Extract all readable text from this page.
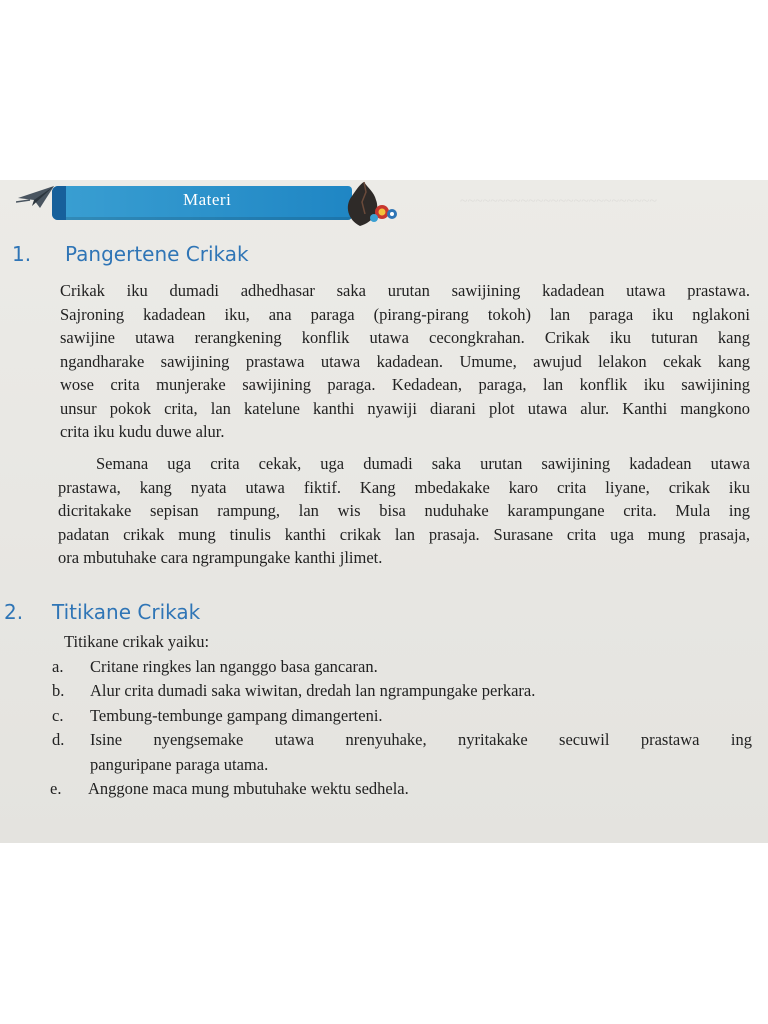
Materi	~~~~~~~~~~~~~~~~~~~~~~~~~~
1. Pangertene Crikak
Crikak iku dumadi adhedhasar saka urutan sawijining kadadean utawa prastawa.
Sajroning kadadean iku, ana paraga (pirang-pirang tokoh) lan paraga iku nglakoni
sawijine utawa rerangkening konflik utawa cecongkrahan. Crikak iku tuturan kang
ngandharake sawijining prastawa utawa kadadean. Umume, awujud lelakon cekak kang
wose crita munjerake sawijining paraga. Kedadean, paraga, lan konflik iku sawijining
unsur pokok crita, lan katelune kanthi nyawiji diarani plot utawa alur. Kanthi mangkono
crita iku kudu duwe alur.
Semana uga crita cekak, uga dumadi saka urutan sawijining kadadean utawa
prastawa, kang nyata utawa fiktif. Kang mbedakake karo crita liyane, crikak iku
dicritakake sepisan rampung, lan wis bisa nuduhake karampungane crita. Mula ing
padatan crikak mung tinulis kanthi crikak lan prasaja. Surasane crita uga mung prasaja,
ora mbutuhake cara ngrampungake kanthi jlimet.
2. Titikane Crikak
Titikane crikak yaiku:
a. Critane ringkes lan nganggo basa gancaran.
b. Alur crita dumadi saka wiwitan, dredah lan ngrampungake perkara.
c. Tembung-tembunge gampang dimangerteni.
d. Isine nyengsemake utawa nrenyuhake, nyritakake secuwil prastawa ing
panguripane paraga utama.
e. Anggone maca mung mbutuhake wektu sedhela.
